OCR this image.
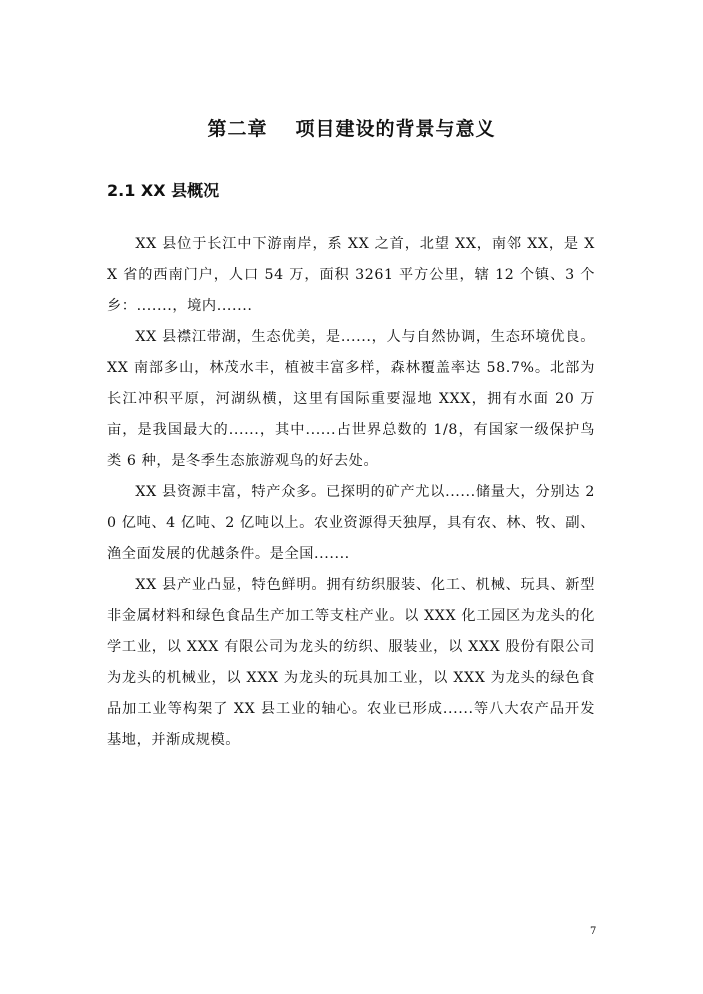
第二章 项目建设的背景与意义
2.1 XX 县概况

XX 县位于长江中下游南岸，系 XX 之首，北望 XX，南邻 XX，是 XX 省的西南门户，人口 54 万，面积 3261 平方公里，辖 12 个镇、3 个乡：.......，境内.......

XX 县襟江带湖，生态优美，是......，人与自然协调，生态环境优良。XX 南部多山，林茂水丰，植被丰富多样，森林覆盖率达 58.7%。北部为长江冲积平原，河湖纵横，这里有国际重要湿地 XXX，拥有水面 20 万亩，是我国最大的......，其中......占世界总数的 1/8，有国家一级保护鸟类 6 种，是冬季生态旅游观鸟的好去处。

XX 县资源丰富，特产众多。已探明的矿产尤以......储量大，分别达 20 亿吨、4 亿吨、2 亿吨以上。农业资源得天独厚，具有农、林、牧、副、渔全面发展的优越条件。是全国.......

XX 县产业凸显，特色鲜明。拥有纺织服装、化工、机械、玩具、新型非金属材料和绿色食品生产加工等支柱产业。以 XXX 化工园区为龙头的化学工业，以 XXX 有限公司为龙头的纺织、服装业，以 XXX 股份有限公司为龙头的机械业，以 XXX 为龙头的玩具加工业，以 XXX 为龙头的绿色食品加工业等构架了 XX 县工业的轴心。农业已形成......等八大农产品开发基地，并渐成规模。

7
